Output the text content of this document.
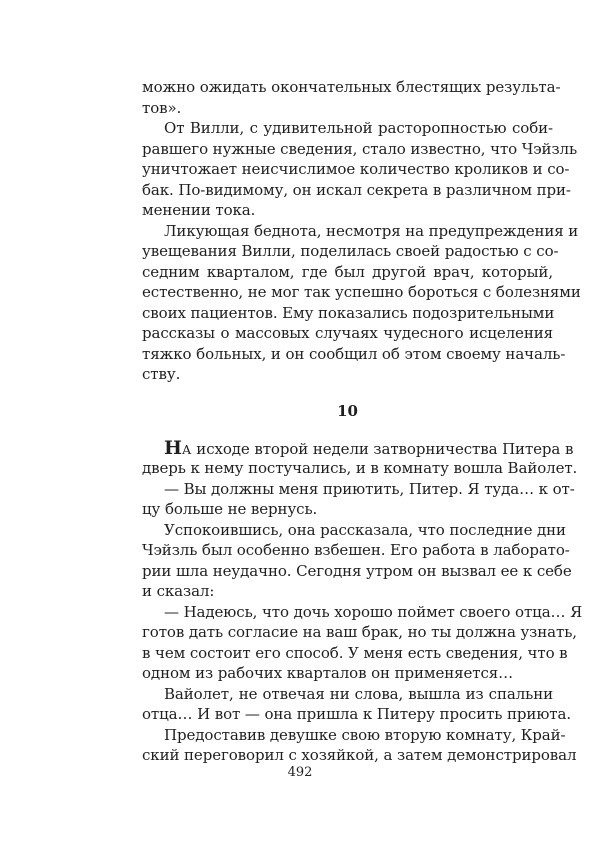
можно ожидать окончательных блестящих результа-
тов».
От Вилли, с удивительной расторопностью соби-
равшего нужные сведения, стало известно, что Чэйзль
уничтожает неисчислимое количество кроликов и со-
бак. По-видимому, он искал секрета в различном при-
менении тока.
Ликующая беднота, несмотря на предупреждения и
увещевания Вилли, поделилась своей радостью с со-
седним кварталом, где был другой врач, который,
естественно, не мог так успешно бороться с болезнями
своих пациентов. Ему показались подозрительными
рассказы о массовых случаях чудесного исцеления
тяжко больных, и он сообщил об этом своему началь-
ству.
10
НА исходе второй недели затворничества Питера в
дверь к нему постучались, и в комнату вошла Вайолет.
— Вы должны меня приютить, Питер. Я туда… к от-
цу больше не вернусь.
Успокоившись, она рассказала, что последние дни
Чэйзль был особенно взбешен. Его работа в лаборато-
рии шла неудачно. Сегодня утром он вызвал ее к себе
и сказал:
— Надеюсь, что дочь хорошо поймет своего отца… Я
готов дать согласие на ваш брак, но ты должна узнать,
в чем состоит его способ. У меня есть сведения, что в
одном из рабочих кварталов он применяется…
Вайолет, не отвечая ни слова, вышла из спальни
отца… И вот — она пришла к Питеру просить приюта.
Предоставив девушке свою вторую комнату, Край-
ский переговорил с хозяйкой, а затем демонстрировал
492
